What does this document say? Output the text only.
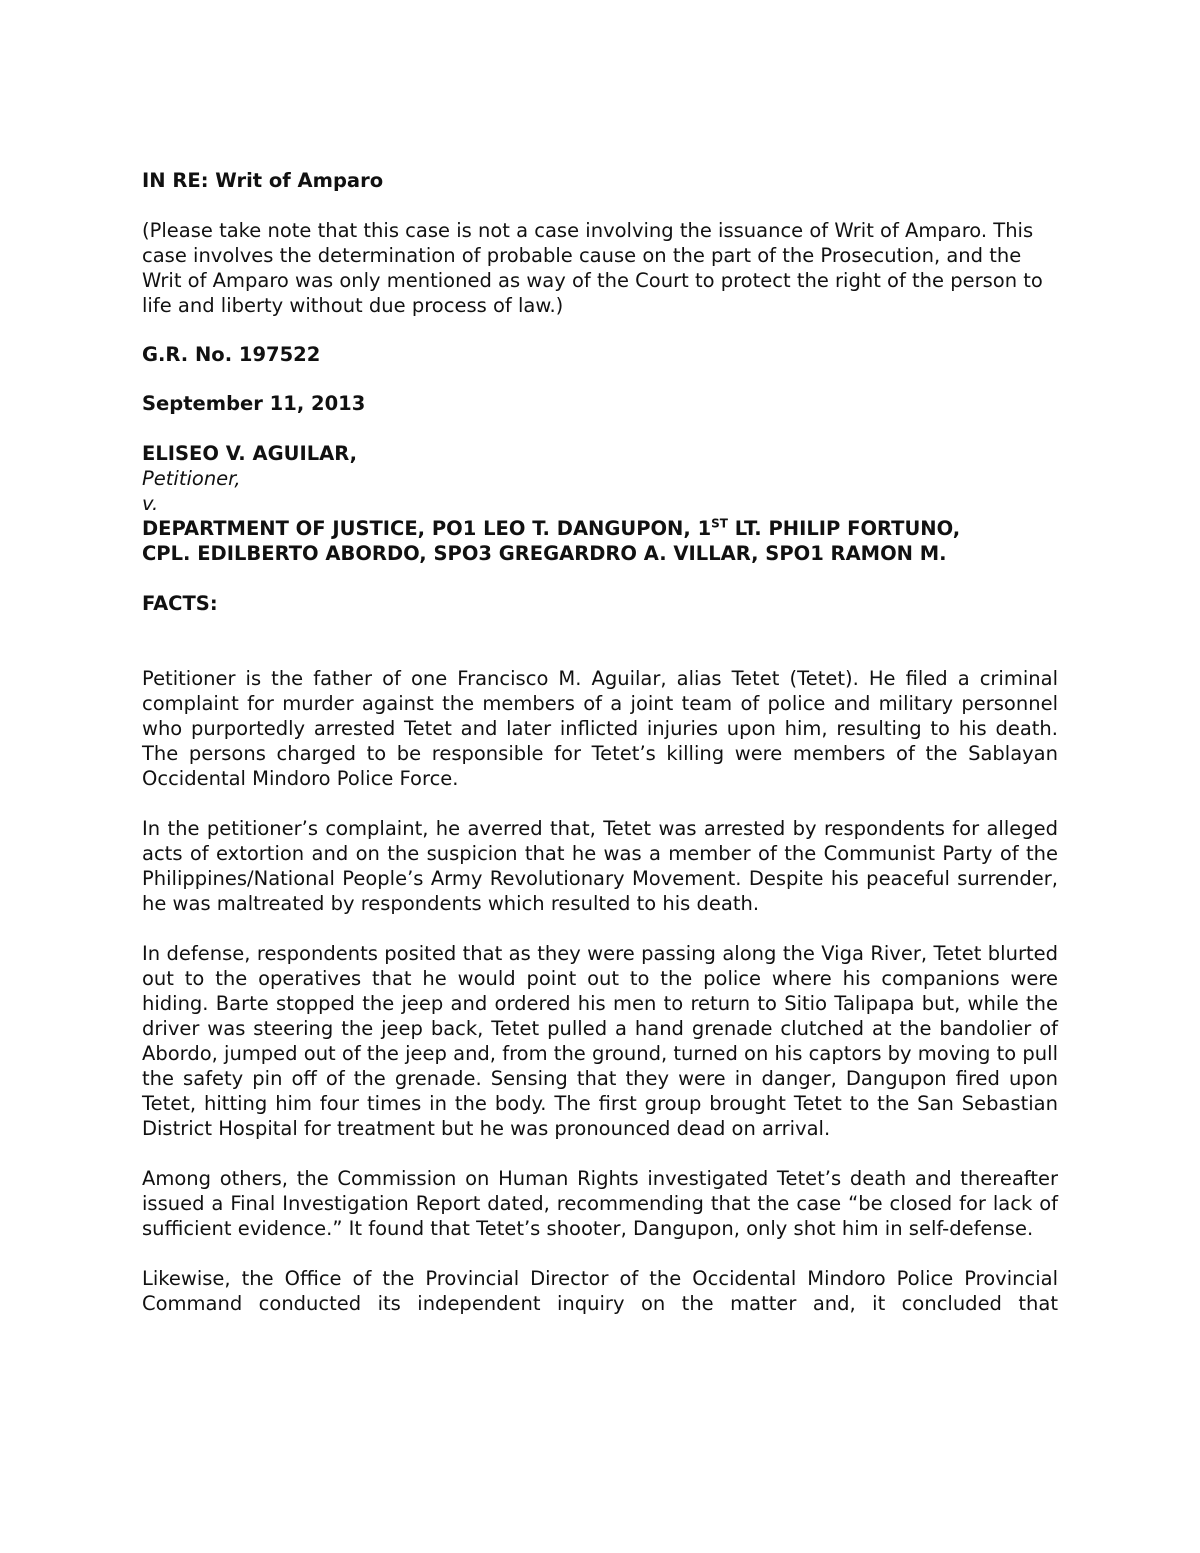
IN RE: Writ of Amparo

(Please take note that this case is not a case involving the issuance of Writ of Amparo. This case involves the determination of probable cause on the part of the Prosecution, and the Writ of Amparo was only mentioned as way of the Court to protect the right of the person to life and liberty without due process of law.)

G.R. No. 197522

September 11, 2013

ELISEO V. AGUILAR,

Petitioner,

v.

DEPARTMENT OF JUSTICE, PO1 LEO T. DANGUPON, 1ST LT. PHILIP FORTUNO,

CPL. EDILBERTO ABORDO, SPO3 GREGARDRO A. VILLAR, SPO1 RAMON M.

FACTS:

Petitioner is the father of one Francisco M. Aguilar, alias Tetet (Tetet). He filed a criminal complaint for murder against the members of a joint team of police and military personnel who purportedly arrested Tetet and later inflicted injuries upon him, resulting to his death. The persons charged to be responsible for Tetet’s killing were members of the Sablayan Occidental Mindoro Police Force.

In the petitioner’s complaint, he averred that, Tetet was arrested by respondents for alleged acts of extortion and on the suspicion that he was a member of the Communist Party of the Philippines/National People’s Army Revolutionary Movement. Despite his peaceful surrender, he was maltreated by respondents which resulted to his death.

In defense, respondents posited that as they were passing along the Viga River, Tetet blurted out to the operatives that he would point out to the police where his companions were hiding. Barte stopped the jeep and ordered his men to return to Sitio Talipapa but, while the driver was steering the jeep back, Tetet pulled a hand grenade clutched at the bandolier of Abordo, jumped out of the jeep and, from the ground, turned on his captors by moving to pull the safety pin off of the grenade. Sensing that they were in danger, Dangupon fired upon Tetet, hitting him four times in the body. The first group brought Tetet to the San Sebastian District Hospital for treatment but he was pronounced dead on arrival.

Among others, the Commission on Human Rights investigated Tetet’s death and thereafter issued a Final Investigation Report dated, recommending that the case “be closed for lack of sufficient evidence.” It found that Tetet’s shooter, Dangupon, only shot him in self-defense.

Likewise, the Office of the Provincial Director of the Occidental Mindoro Police Provincial Command conducted its independent inquiry on the matter and, it concluded that
